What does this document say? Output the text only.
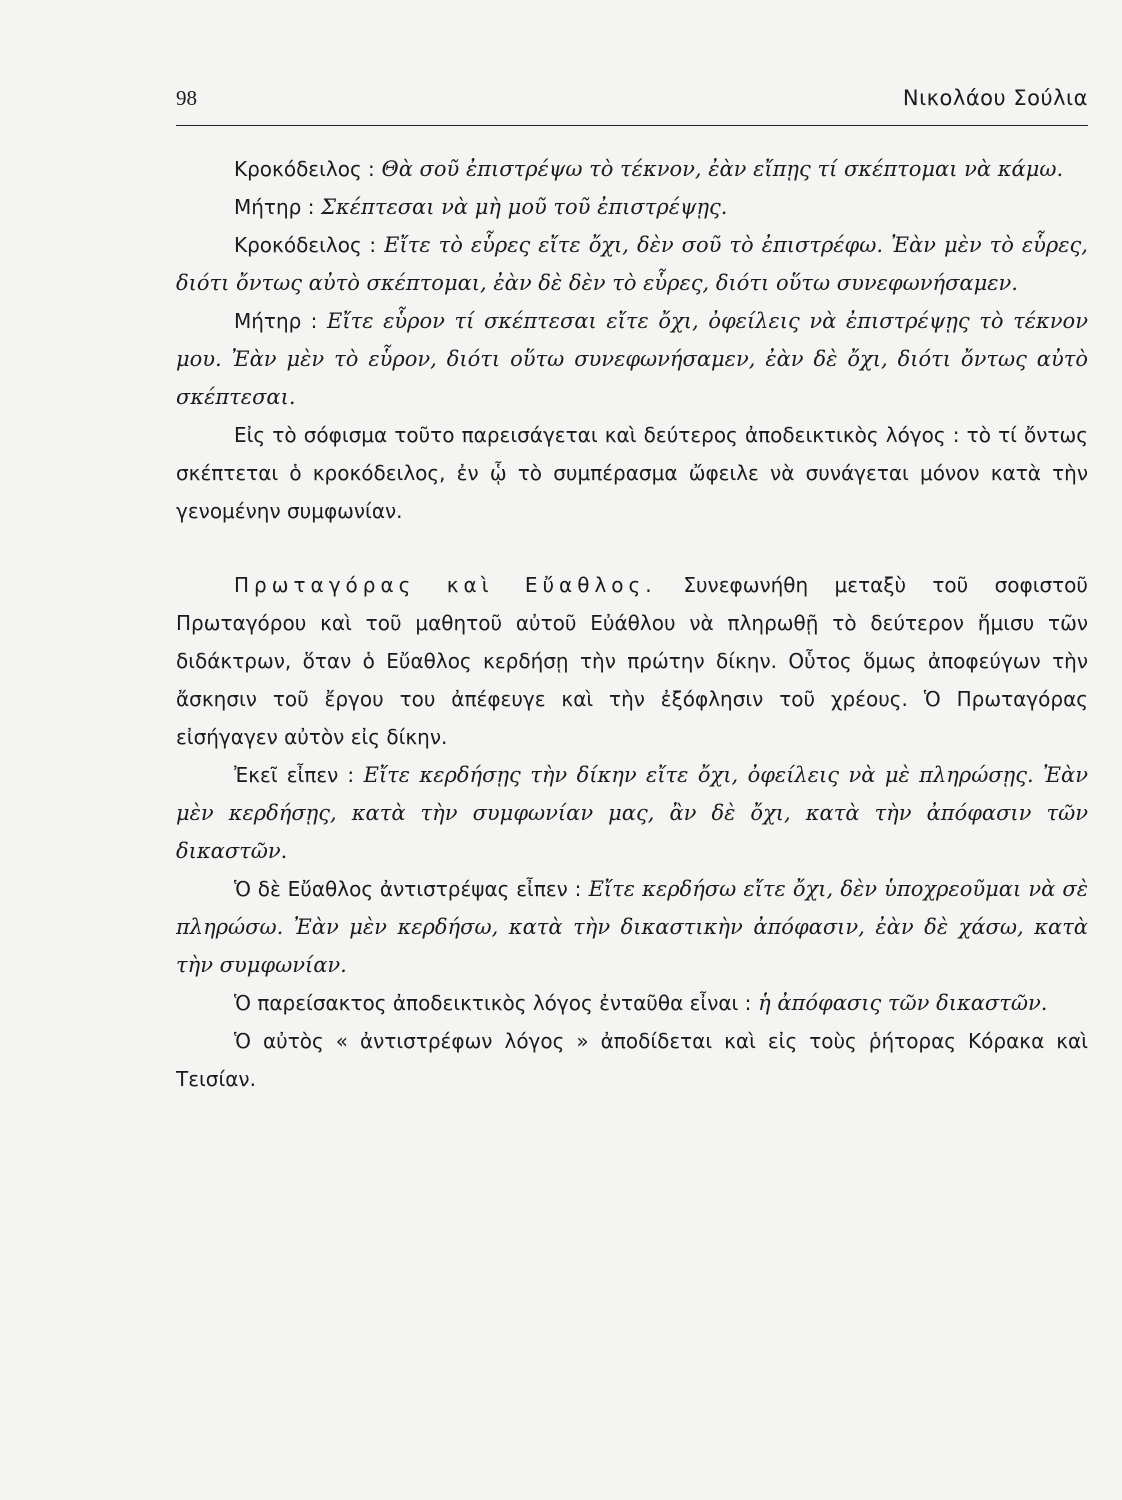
98	Νικολάου Σούλια

Κροκόδειλος : Θὰ σοῦ ἐπιστρέψω τὸ τέκνον, ἐὰν εἴπῃς τί σκέπτομαι νὰ κάμω.

Μήτηρ : Σκέπτεσαι νὰ μὴ μοῦ τοῦ ἐπιστρέψῃς.

Κροκόδειλος : Εἴτε τὸ εὗρες εἴτε ὄχι, δὲν σοῦ τὸ ἐπιστρέφω. Ἐὰν μὲν τὸ εὗρες, διότι ὄντως αὐτὸ σκέπτομαι, ἐὰν δὲ δὲν τὸ εὗρες, διότι οὕτω συνεφωνήσαμεν.

Μήτηρ : Εἴτε εὗρον τί σκέπτεσαι εἴτε ὄχι, ὀφείλεις νὰ ἐπιστρέψῃς τὸ τέκνον μου. Ἐὰν μὲν τὸ εὗρον, διότι οὕτω συνεφωνήσαμεν, ἐὰν δὲ ὄχι, διότι ὄντως αὐτὸ σκέπτεσαι.

Εἰς τὸ σόφισμα τοῦτο παρεισάγεται καὶ δεύτερος ἀποδεικτικὸς λόγος : τὸ τί ὄντως σκέπτεται ὁ κροκόδειλος, ἐν ᾧ τὸ συμπέρασμα ὤφειλε νὰ συνάγεται μόνον κατὰ τὴν γενομένην συμφωνίαν.

Πρωταγόρας καὶ Εὔαθλος. Συνεφωνήθη μεταξὺ τοῦ σοφιστοῦ Πρωταγόρου καὶ τοῦ μαθητοῦ αὐτοῦ Εὐάθλου νὰ πληρωθῇ τὸ δεύτερον ἥμισυ τῶν διδάκτρων, ὅταν ὁ Εὔαθλος κερδήσῃ τὴν πρώτην δίκην. Οὗτος ὅμως ἀποφεύγων τὴν ἄσκησιν τοῦ ἔργου του ἀπέφευγε καὶ τὴν ἐξόφλησιν τοῦ χρέους. Ὁ Πρωταγόρας εἰσήγαγεν αὐτὸν εἰς δίκην.

Ἐκεῖ εἶπεν : Εἴτε κερδήσῃς τὴν δίκην εἴτε ὄχι, ὀφείλεις νὰ μὲ πληρώσῃς. Ἐὰν μὲν κερδήσῃς, κατὰ τὴν συμφωνίαν μας, ἂν δὲ ὄχι, κατὰ τὴν ἀπόφασιν τῶν δικαστῶν.

Ὁ δὲ Εὔαθλος ἀντιστρέψας εἶπεν : Εἴτε κερδήσω εἴτε ὄχι, δὲν ὑποχρεοῦμαι νὰ σὲ πληρώσω. Ἐὰν μὲν κερδήσω, κατὰ τὴν δικαστικὴν ἀπόφασιν, ἐὰν δὲ χάσω, κατὰ τὴν συμφωνίαν.

Ὁ παρείσακτος ἀποδεικτικὸς λόγος ἐνταῦθα εἶναι : ἡ ἀπόφασις τῶν δικαστῶν.

Ὁ αὐτὸς « ἀντιστρέφων λόγος » ἀποδίδεται καὶ εἰς τοὺς ῥήτορας Κόρακα καὶ Τεισίαν.
